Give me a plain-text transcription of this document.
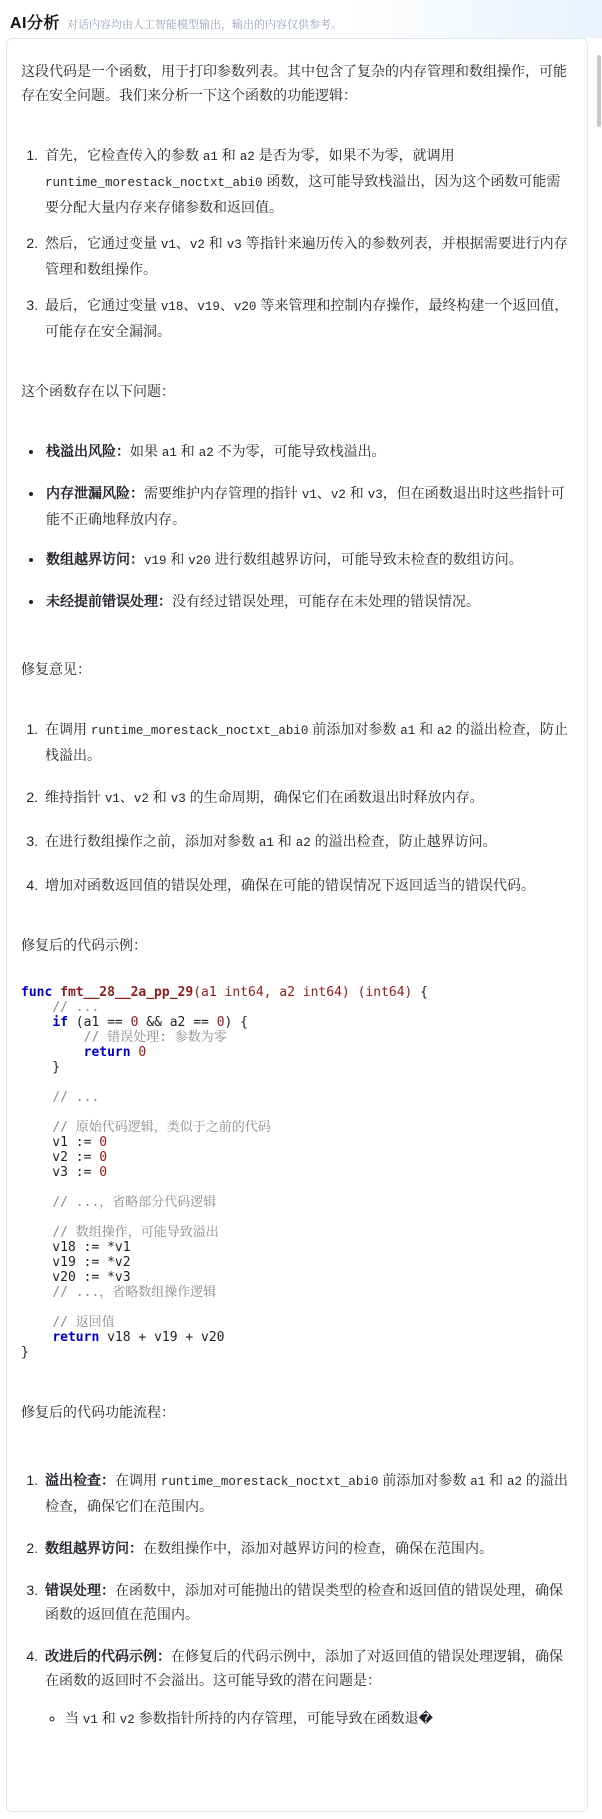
AI分析 对话内容均由人工智能模型输出，输出的内容仅供参考。

这段代码是一个函数，用于打印参数列表。其中包含了复杂的内存管理和数组操作，可能存在安全问题。我们来分析一下这个函数的功能逻辑：

1. 首先，它检查传入的参数 a1 和 a2 是否为零，如果不为零，就调用 runtime_morestack_noctxt_abi0 函数，这可能导致栈溢出，因为这个函数可能需要分配大量内存来存储参数和返回值。
2. 然后，它通过变量 v1、v2 和 v3 等指针来遍历传入的参数列表，并根据需要进行内存管理和数组操作。
3. 最后，它通过变量 v18、v19、v20 等来管理和控制内存操作，最终构建一个返回值，可能存在安全漏洞。

这个函数存在以下问题：

• 栈溢出风险：如果 a1 和 a2 不为零，可能导致栈溢出。
• 内存泄漏风险：需要维护内存管理的指针 v1、v2 和 v3，但在函数退出时这些指针可能不正确地释放内存。
• 数组越界访问：v19 和 v20 进行数组越界访问，可能导致未检查的数组访问。
• 未经提前错误处理：没有经过错误处理，可能存在未处理的错误情况。

修复意见：

1. 在调用 runtime_morestack_noctxt_abi0 前添加对参数 a1 和 a2 的溢出检查，防止栈溢出。
2. 维持指针 v1、v2 和 v3 的生命周期，确保它们在函数退出时释放内存。
3. 在进行数组操作之前，添加对参数 a1 和 a2 的溢出检查，防止越界访问。
4. 增加对函数返回值的错误处理，确保在可能的错误情况下返回适当的错误代码。

修复后的代码示例：

func fmt__28__2a_pp_29(a1 int64, a2 int64) (int64) {
// ...
if (a1 == 0 && a2 == 0) {
// 错误处理: 参数为零
return 0
}

// ...

// 原始代码逻辑，类似于之前的代码
v1 := 0
v2 := 0
v3 := 0

// ...，省略部分代码逻辑

// 数组操作，可能导致溢出
v18 := *v1
v19 := *v2
v20 := *v3
// ...，省略数组操作逻辑

// 返回值
return v18 + v19 + v20
}

修复后的代码功能流程：

1. 溢出检查：在调用 runtime_morestack_noctxt_abi0 前添加对参数 a1 和 a2 的溢出检查，确保它们在范围内。
2. 数组越界访问：在数组操作中，添加对越界访问的检查，确保在范围内。
3. 错误处理：在函数中，添加对可能抛出的错误类型的检查和返回值的错误处理，确保函数的返回值在范围内。
4. 改进后的代码示例：在修复后的代码示例中，添加了对返回值的错误处理逻辑，确保在函数的返回时不会溢出。这可能导致的潜在问题是：
◦ 当 v1 和 v2 参数指针所持的内存管理，可能导致在函数退�
